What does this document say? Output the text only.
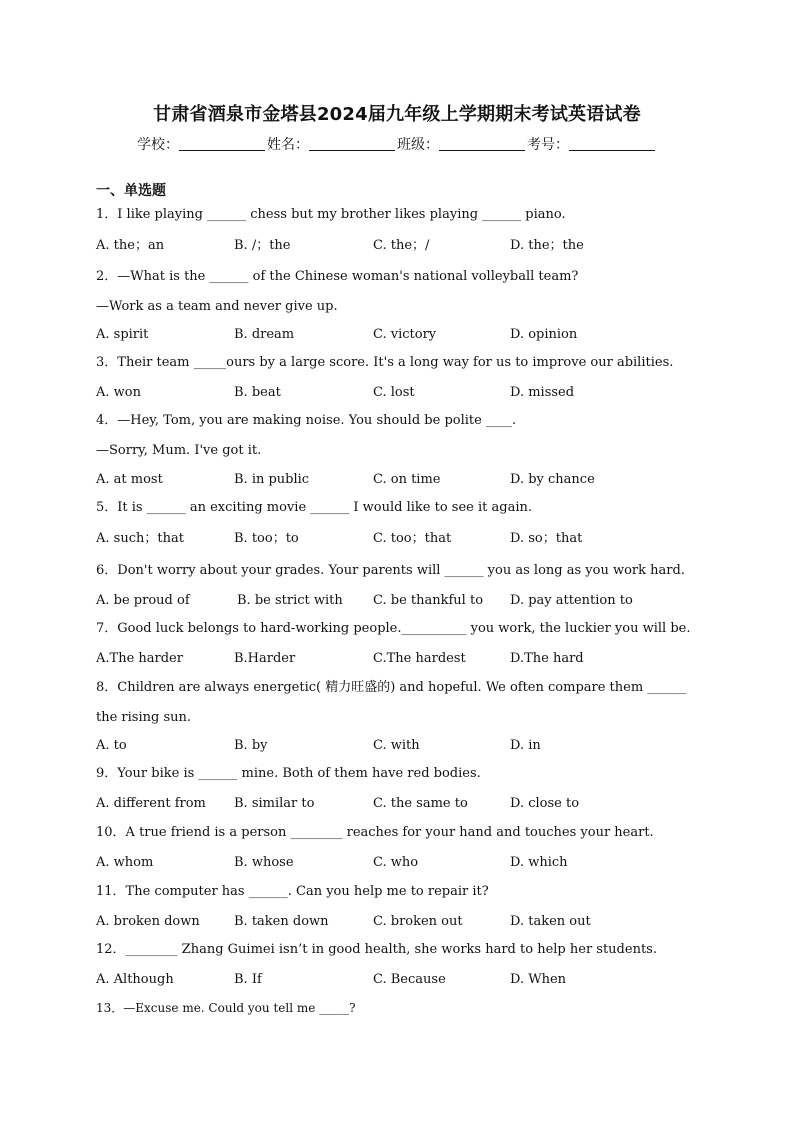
甘肃省酒泉市金塔县2024届九年级上学期期末考试英语试卷
学校：	姓名：	班级：	考号：
一、单选题
1．I like playing ______ chess but my brother likes playing ______ piano.
A. the；an	B. /；the	C. the；/	D. the；the
2．—What is the ______ of the Chinese woman's national volleyball team?
—Work as a team and never give up.
A. spirit	B. dream	C. victory	D. opinion
3．Their team _____ours by a large score. It's a long way for us to improve our abilities.
A. won	B. beat	C. lost	D. missed
4．—Hey, Tom, you are making noise. You should be polite ____.
—Sorry, Mum. I've got it.
A. at most	B. in public	C. on time	D. by chance
5．It is ______ an exciting movie ______ I would like to see it again.
A. such；that	B. too；to	C. too；that	D. so；that
6．Don't worry about your grades. Your parents will ______ you as long as you work hard.
A. be proud of	B. be strict with C. be thankful to D. pay attention to
7．Good luck belongs to hard-working people.__________ you work, the luckier you will be.
A.The harder	B.Harder	C.The hardest	D.The hard
8．Children are always energetic( 精力旺盛的) and hopeful. We often compare them ______
the rising sun.
A. to	B. by	C. with	D. in
9．Your bike is ______ mine. Both of them have red bodies.
A. different from B. similar to	C. the same to	D. close to
10．A true friend is a person ________ reaches for your hand and touches your heart.
A. whom	B. whose	C. who	D. which
11．The computer has ______. Can you help me to repair it?
A. broken down	B. taken down	C. broken out	D. taken out
12．________ Zhang Guimei isn’t in good health, she works hard to help her students.
A. Although	B. If	C. Because	D. When
13．—Excuse me. Could you tell me _____?
